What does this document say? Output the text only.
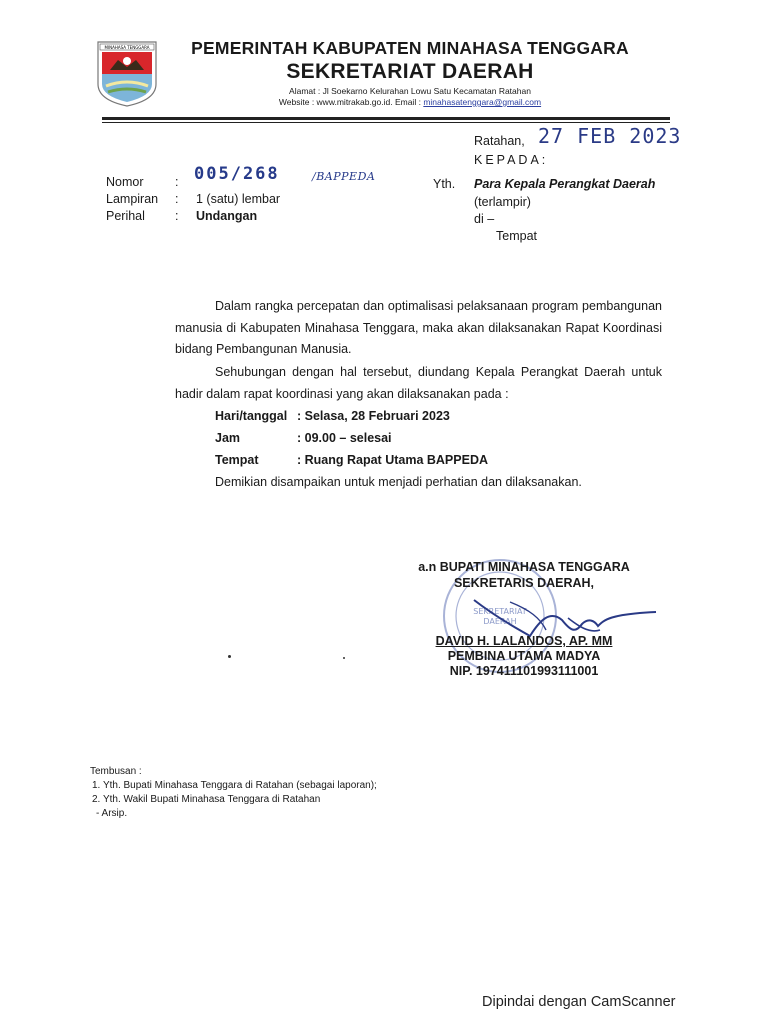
MINAHASA TENGGARA	PEMERINTAH KABUPATEN MINAHASA TENGGARA
SEKRETARIAT DAERAH
Alamat : Jl Soekarno Kelurahan Lowu Satu Kecamatan Ratahan
Website : www.mitrakab.go.id. Email : minahasatenggara@gmail.com
Ratahan, 27 FEB 2023
KEPADA:
Nomor	: 005/268	/BAPPEDA
Lampiran : 1 (satu) lembar
Perihal : Undangan
Yth. Para Kepala Perangkat Daerah
(terlampir)
di –
Tempat
Dalam rangka percepatan dan optimalisasi pelaksanaan program pembangunan manusia di Kabupaten Minahasa Tenggara, maka akan dilaksanakan Rapat Koordinasi bidang Pembangunan Manusia.
Sehubungan dengan hal tersebut, diundang Kepala Perangkat Daerah untuk hadir dalam rapat koordinasi yang akan dilaksanakan pada :
Hari/tanggal : Selasa, 28 Februari 2023
Jam	: 09.00 – selesai
Tempat	: Ruang Rapat Utama BAPPEDA
Demikian disampaikan untuk menjadi perhatian dan dilaksanakan.
SEKRETARIAT
DAERAH
a.n BUPATI MINAHASA TENGGARA
SEKRETARIS DAERAH,
DAVID H. LALANDOS, AP. MM
PEMBINA UTAMA MADYA
NIP. 197411101993111001
Tembusan :
1. Yth. Bupati Minahasa Tenggara di Ratahan (sebagai laporan);
2. Yth. Wakil Bupati Minahasa Tenggara di Ratahan
- Arsip.
Dipindai dengan CamScanner
